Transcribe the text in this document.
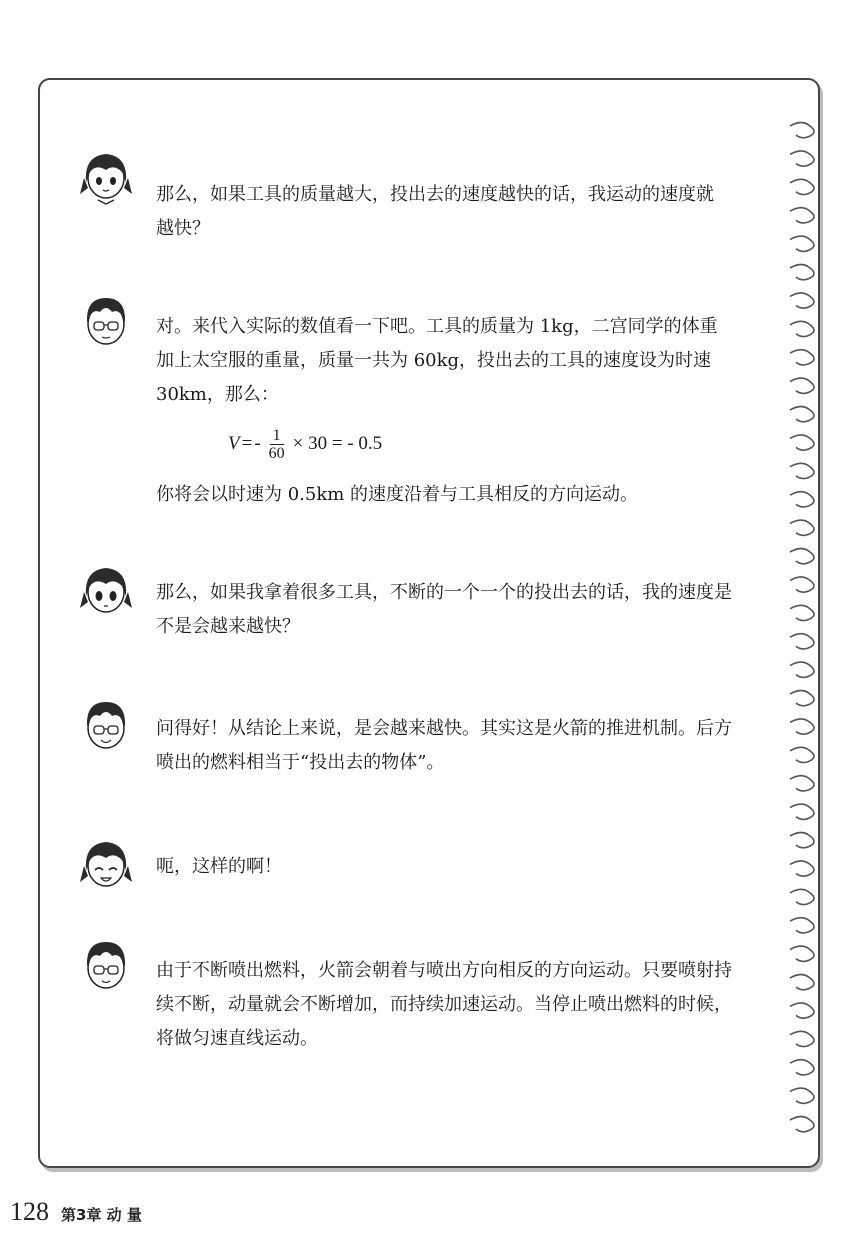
那么，如果工具的质量越大，投出去的速度越快的话，我运动的速度就
越快？
对。来代入实际的数值看一下吧。工具的质量为 1kg，二宫同学的体重
加上太空服的重量，质量一共为 60kg，投出去的工具的速度设为时速
30km，那么：
V = - $\frac{1}{60} \times 30$ = - 0.5
你将会以时速为 0.5km 的速度沿着与工具相反的方向运动。
那么，如果我拿着很多工具，不断的一个一个的投出去的话，我的速度是
不是会越来越快？
问得好！从结论上来说，是会越来越快。其实这是火箭的推进机制。后方
喷出的燃料相当于“投出去的物体”。
呃，这样的啊！
由于不断喷出燃料，火箭会朝着与喷出方向相反的方向运动。只要喷射持
续不断，动量就会不断增加，而持续加速运动。当停止喷出燃料的时候，
将做匀速直线运动。
128 第3章 动 量
